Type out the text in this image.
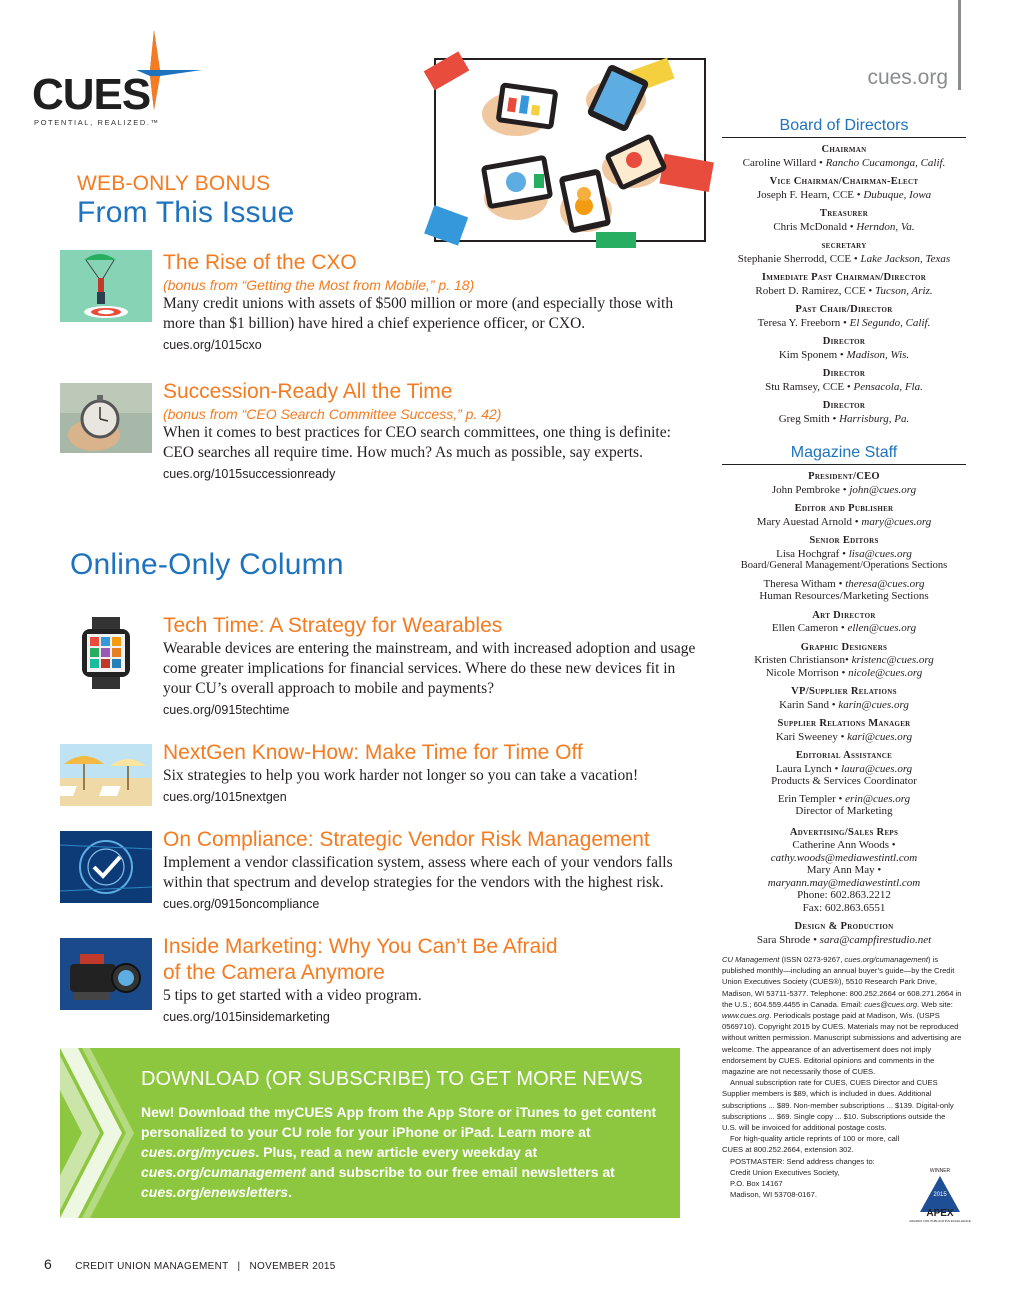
CUES
POTENTIAL, REALIZED.™
cues.org
WEB-ONLY BONUS
From This Issue
The Rise of the CXO
(bonus from “Getting the Most from Mobile,” p. 18)
Many credit unions with assets of $500 million or more (and especially those with more than $1 billion) have hired a chief experience officer, or CXO.
cues.org/1015cxo
Succession-Ready All the Time
(bonus from “CEO Search Committee Success,” p. 42)
When it comes to best practices for CEO search committees, one thing is definite: CEO searches all require time. How much? As much as possible, say experts.
cues.org/1015successionready
Online-Only Column
Tech Time: A Strategy for Wearables
Wearable devices are entering the mainstream, and with increased adoption and usage come greater implications for financial services. Where do these new devices fit in your CU’s overall approach to mobile and payments?
cues.org/0915techtime
NextGen Know-How: Make Time for Time Off
Six strategies to help you work harder not longer so you can take a vacation!
cues.org/1015nextgen
On Compliance: Strategic Vendor Risk Management
Implement a vendor classification system, assess where each of your vendors falls within that spectrum and develop strategies for the vendors with the highest risk.
cues.org/0915oncompliance
Inside Marketing: Why You Can’t Be Afraid
of the Camera Anymore
5 tips to get started with a video program.
cues.org/1015insidemarketing
DOWNLOAD (OR SUBSCRIBE) TO GET MORE NEWS
New! Download the myCUES App from the App Store or iTunes to get content personalized to your CU role for your iPhone or iPad. Learn more at cues.org/mycues. Plus, read a new article every weekday at cues.org/cumanagement and subscribe to our free email newsletters at cues.org/enewsletters.
6 CREDIT UNION MANAGEMENT | NOVEMBER 2015
Board of Directors
Chairman
Caroline Willard • Rancho Cucamonga, Calif.
Vice Chairman/Chairman-Elect
Joseph F. Hearn, CCE • Dubuque, Iowa
Treasurer
Chris McDonald • Herndon, Va.
secretary
Stephanie Sherrodd, CCE • Lake Jackson, Texas
Immediate Past Chairman/Director
Robert D. Ramirez, CCE • Tucson, Ariz.
Past Chair/Director
Teresa Y. Freeborn • El Segundo, Calif.
Director
Kim Sponem • Madison, Wis.
Director
Stu Ramsey, CCE • Pensacola, Fla.
Director
Greg Smith • Harrisburg, Pa.
Magazine Staff
President/CEO
John Pembroke • john@cues.org
Editor and Publisher
Mary Auestad Arnold • mary@cues.org
Senior Editors
Lisa Hochgraf • lisa@cues.org
Board/General Management/Operations Sections
Theresa Witham • theresa@cues.org
Human Resources/Marketing Sections
Art Director
Ellen Cameron • ellen@cues.org
Graphic Designers
Kristen Christianson• kristenc@cues.org
Nicole Morrison • nicole@cues.org
VP/Supplier Relations
Karin Sand • karin@cues.org
Supplier Relations Manager
Kari Sweeney • kari@cues.org
Editorial Assistance
Laura Lynch • laura@cues.org
Products & Services Coordinator
Erin Templer • erin@cues.org
Director of Marketing
Advertising/Sales Reps
Catherine Ann Woods •
cathy.woods@mediawestintl.com
Mary Ann May •
maryann.may@mediawestintl.com
Phone: 602.863.2212
Fax: 602.863.6551
Design & Production
Sara Shrode • sara@campfirestudio.net
CU Management (ISSN 0273-9267, cues.org/cumanagement) is published monthly—including an annual buyer’s guide—by the Credit Union Executives Society (CUES®), 5510 Research Park Drive, Madison, WI 53711-5377. Telephone: 800.252.2664 or 608.271.2664 in the U.S.; 604.559.4455 in Canada. Email: cues@cues.org. Web site: www.cues.org. Periodicals postage paid at Madison, Wis. (USPS 0569710). Copyright 2015 by CUES. Materials may not be reproduced without written permission. Manuscript submissions and advertising are welcome. The appearance of an advertisement does not imply endorsement by CUES. Editorial opinions and comments in the magazine are not necessarily those of CUES.
Annual subscription rate for CUES, CUES Director and CUES Supplier members is $89, which is included in dues. Additional subscriptions ... $89. Non-member subscriptions ... $139. Digital-only subscriptions ... $69. Single copy ... $10. Subscriptions outside the U.S. will be invoiced for additional postage costs.
For high-quality article reprints of 100 or more, call CUES at 800.252.2664, extension 302.
POSTMASTER: Send address changes to:
Credit Union Executives Society,
P.O. Box 14167
Madison, WI 53708-0167.
WINNER
2015
APEX
AWARDS FOR PUBLICATION EXCELLENCE
